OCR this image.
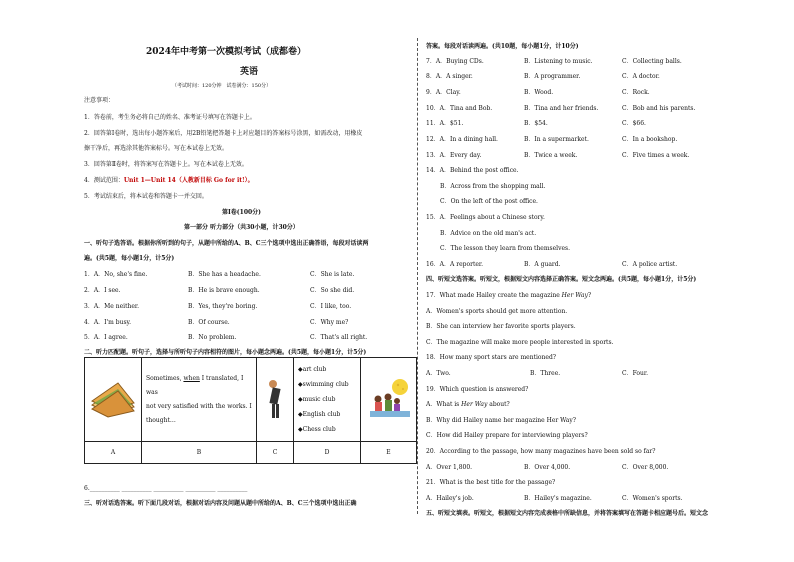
2024年中考第一次模拟考试（成都卷）
英语
（考试时间：120分钟　试卷满分：150分）
注意事项：
1．答卷前，考生务必将自己的姓名、准考证号填写在答题卡上。
2．回答第Ⅰ卷时，选出每小题答案后，用2B铅笔把答题卡上对应题目的答案标号涂黑，如需改动，用橡皮
擦干净后，再选涂其他答案标号。写在本试卷上无效。
3．回答第Ⅱ卷时，将答案写在答题卡上。写在本试卷上无效。
4．测试范围：Unit 1—Unit 14（人教新目标 Go for it!）。
5．考试结束后，将本试卷和答题卡一并交回。
第Ⅰ卷(100分)
第一部分 听力部分（共30小题，计30分）
一、听句子选答语。根据你所听到的句子，从题中所给的A、B、C三个选项中选出正确答语，每段对话读两
遍。(共5题，每小题1分，计5分)
1．A．No, she's fine.	B．She has a headache.	C．She is late.
2．A．I see.	B．He is brave enough.	C．So she did.
3．A．Me neither.	B．Yes, they're boring.	C．I like, too.
4．A．I'm busy.	B．Of course.	C．Why me?
5．A．I agree.	B．No problem.	C．That's all right.
二、听力匹配题。听句子，选择与所听句子内容相符的图片，每小题念两遍。(共5题，每小题1分，计5分)
	Sometimes, when I translated, I was
not very satisfied with the works. I
thought…		◆art club
◆swimming club
◆music club
◆English club
◆Chess club	
A	B	C	D	E
6.__________ __________ __________ __________ __________
三、听对话选答案。听下面几段对话，根据对话内容及问题从题中所给的A、B、C三个选项中选出正确
答案。每段对话读两遍。(共10题，每小题1分，计10分)
7．A．Buying CDs.	B．Listening to music.	C．Collecting balls.
8．A．A singer.	B．A programmer.	C．A doctor.
9．A．Clay.	B．Wood.	C．Rock.
10．A．Tina and Bob.	B．Tina and her friends.	C．Bob and his parents.
11．A．$51.	B．$54.	C．$66.
12．A．In a dining hall.	B．In a supermarket.	C．In a bookshop.
13．A．Every day.	B．Twice a week.	C．Five times a week.
14．A．Behind the post office.
B．Across from the shopping mall.
C．On the left of the post office.
15．A．Feelings about a Chinese story.
B．Advice on the old man's act.
C．The lesson they learn from themselves.
16．A．A reporter.	B．A guard.	C．A police artist.
四、听短文选答案。听短文，根据短文内容选择正确答案。短文念两遍。(共5题，每小题1分，计5分)
17．What made Hailey create the magazine Her Way?
A．Women's sports should get more attention.
B．She can interview her favorite sports players.
C．The magazine will make more people interested in sports.
18．How many sport stars are mentioned?
A．Two.	B．Three.	C．Four.
19．Which question is answered?
A．What is Her Way about?
B．Why did Hailey name her magazine Her Way?
C．How did Hailey prepare for interviewing players?
20．According to the passage, how many magazines have been sold so far?
A．Over 1,800.	B．Over 4,000.	C．Over 8,000.
21．What is the best title for the passage?
A．Hailey's job.	B．Hailey's magazine.	C．Women's sports.
五、听短文填表。听短文，根据短文内容完成表格中所缺信息，并将答案填写在答题卡相应题号后。短文念
